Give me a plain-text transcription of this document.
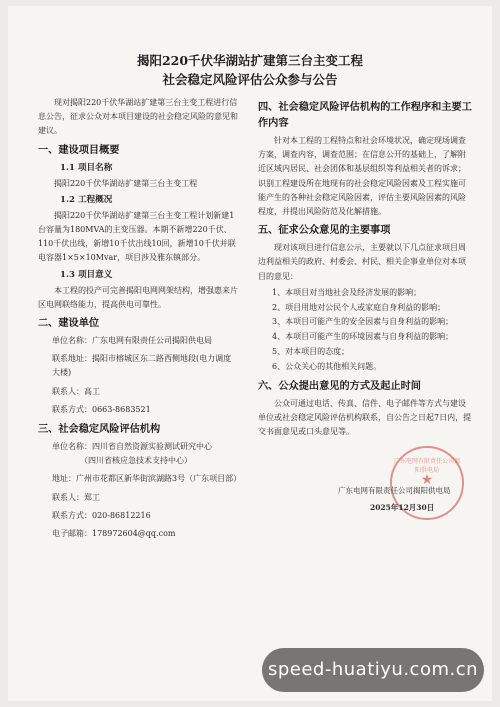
揭阳220千伏华湖站扩建第三台主变工程
社会稳定风险评估公众参与公告
现对揭阳220千伏华湖站扩建第三台主变工程进行信息公告，征求公众对本项目建设的社会稳定风险的意见和建议。
一、建设项目概要
1.1 项目名称
揭阳220千伏华湖站扩建第三台主变工程
1.2 工程概况
揭阳220千伏华湖站扩建第三台主变工程计划新建1台容量为180MVA的主变压器。本期不新增220千伏、110千伏出线，新增10千伏出线10回，新增10千伏并联电容器1×5×10Mvar，项目涉及雅东镇部分。
1.3 项目意义
本工程的投产可完善揭阳电网网架结构，增强惠来片区电网联络能力，提高供电可靠性。
二、建设单位
单位名称：广东电网有限责任公司揭阳供电局
联系地址：揭阳市榕城区东二路西侧地段(电力调度大楼)
联系人：高工
联系方式：0663-8683521
三、社会稳定风险评估机构
单位名称：四川省自然资源实验测试研究中心
（四川省核应急技术支持中心）
地址：广州市花都区新华街滨湖路3号（广东项目部）
联系人：郑工
联系方式：020-86812216
电子邮箱：178972604@qq.com
四、社会稳定风险评估机构的工作程序和主要工作内容
针对本工程的工程特点和社会环境状况，确定现场调查方案，调查内容，调查范围；在信息公开的基础上，了解附近区域内居民、社会团体和基层组织等利益相关者的诉求；识别工程建设所在地现有的社会稳定风险因素及工程实施可能产生的各种社会稳定风险因素，评估主要风险因素的风险程度，并提出风险防范及化解措施。
五、征求公众意见的主要事项
现对该项目进行信息公示，主要就以下几点征求项目周边利益相关的政府、村委会、村民、相关企事业单位对本项目的意见：
1、本项目对当地社会及经济发展的影响；
2、项目用地对公民个人或家庭自身利益的影响；
3、本项目可能产生的安全因素与自身利益的影响；
4、本项目可能产生的环境因素与自身利益的影响；
5、对本项目的态度；
6、公众关心的其他相关问题。
六、公众提出意见的方式及起止时间
公众可通过电话、传真、信件、电子邮件等方式与建设单位或社会稳定风险评估机构联系，自公告之日起7日内，提交书面意见或口头意见等。
广东电网有限责任公司揭阳供电局
★
广东电网有限责任公司揭阳供电局
2025年12月30日
speed-huatiyu.com.cn
